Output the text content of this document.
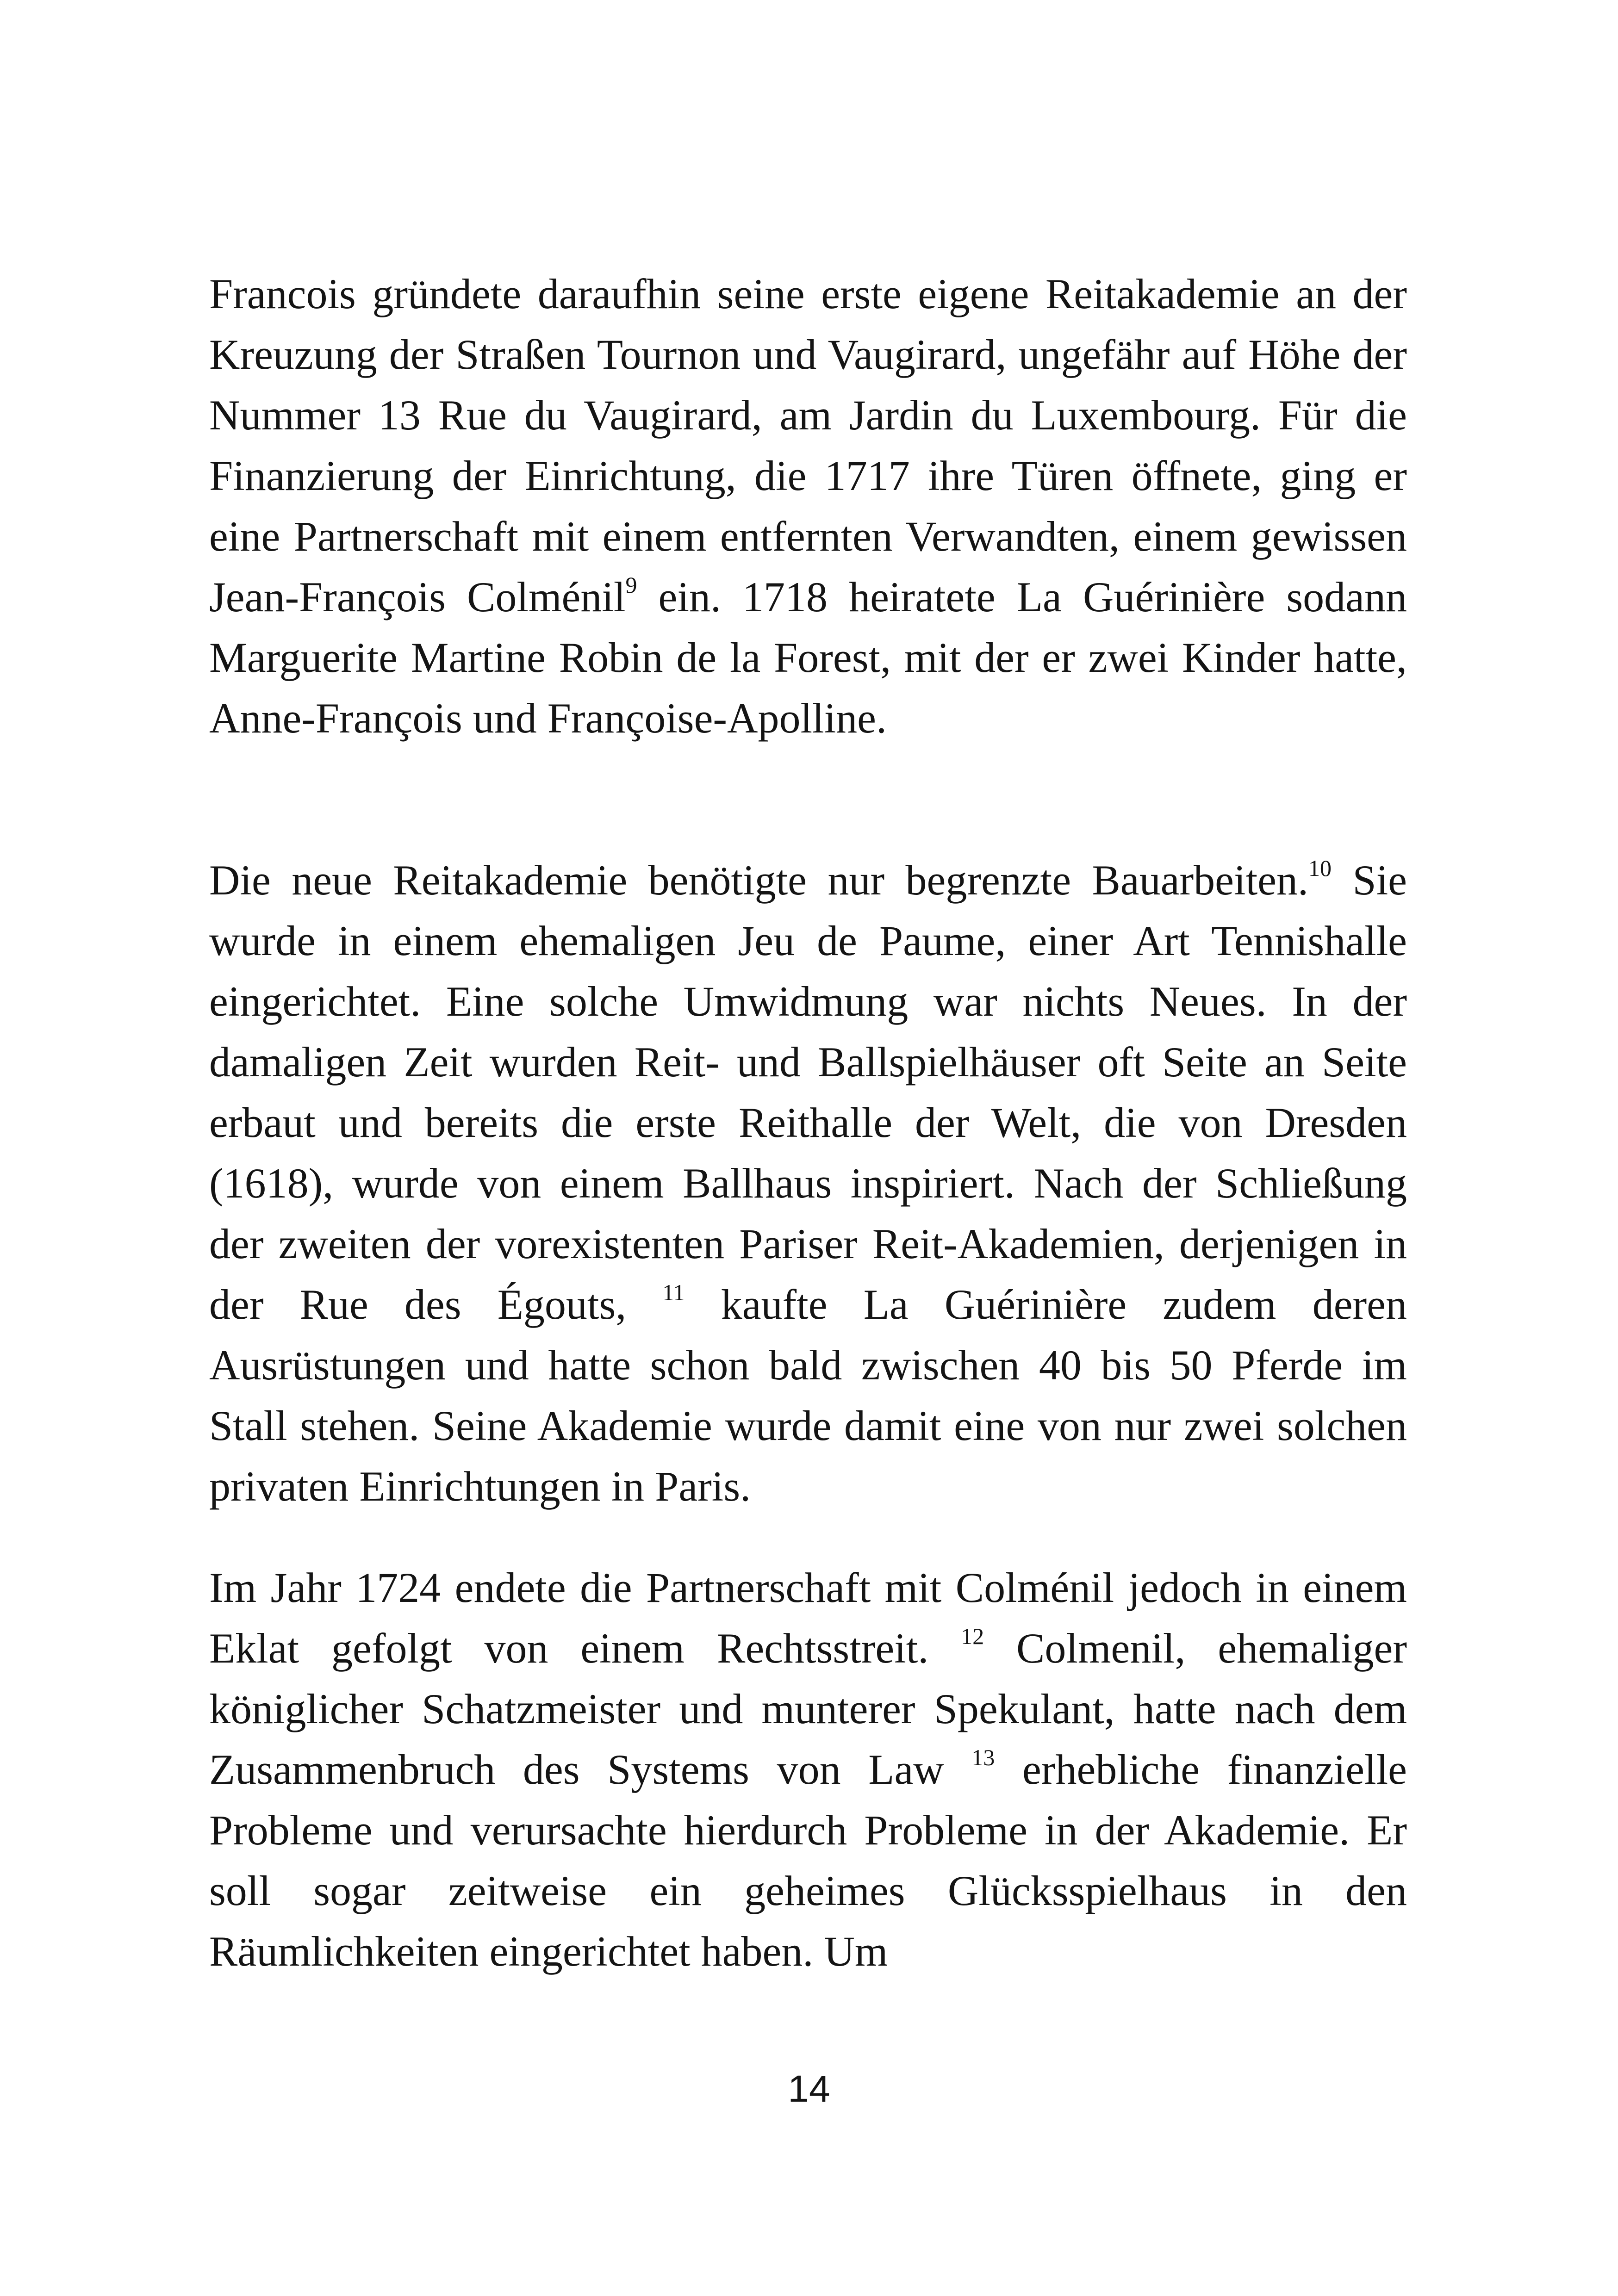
Francois gründete daraufhin seine erste eigene Reitakademie an der Kreuzung der Straßen Tournon und Vaugirard, ungefähr auf Höhe der Nummer 13 Rue du Vaugirard, am Jardin du Luxembourg. Für die Finanzierung der Einrichtung, die 1717 ihre Türen öffnete, ging er eine Partnerschaft mit einem entfernten Verwandten, einem gewissen Jean-François Colménil$^9$ ein. 1718 heiratete La Guérinière sodann Marguerite Martine Robin de la Forest, mit der er zwei Kinder hatte, Anne-François und Françoise-Apolline.

Die neue Reitakademie benötigte nur begrenzte Bauarbeiten.$^{10}$ Sie wurde in einem ehemaligen Jeu de Paume, einer Art Tennishalle eingerichtet. Eine solche Umwidmung war nichts Neues. In der damaligen Zeit wurden Reit- und Ballspielhäuser oft Seite an Seite erbaut und bereits die erste Reithalle der Welt, die von Dresden (1618), wurde von einem Ballhaus inspiriert. Nach der Schließung der zweiten der vorexistenten Pariser Reit-Akademien, derjenigen in der Rue des Égouts, $^{11}$ kaufte La Guérinière zudem deren Ausrüstungen und hatte schon bald zwischen 40 bis 50 Pferde im Stall stehen. Seine Akademie wurde damit eine von nur zwei solchen privaten Einrichtungen in Paris.

Im Jahr 1724 endete die Partnerschaft mit Colménil jedoch in einem Eklat gefolgt von einem Rechtsstreit. $^{12}$ Colmenil, ehemaliger königlicher Schatzmeister und munterer Spekulant, hatte nach dem Zusammenbruch des Systems von Law $^{13}$ erhebliche finanzielle Probleme und verursachte hierdurch Probleme in der Akademie. Er soll sogar zeitweise ein geheimes Glücksspielhaus in den Räumlichkeiten eingerichtet haben. Um

14
